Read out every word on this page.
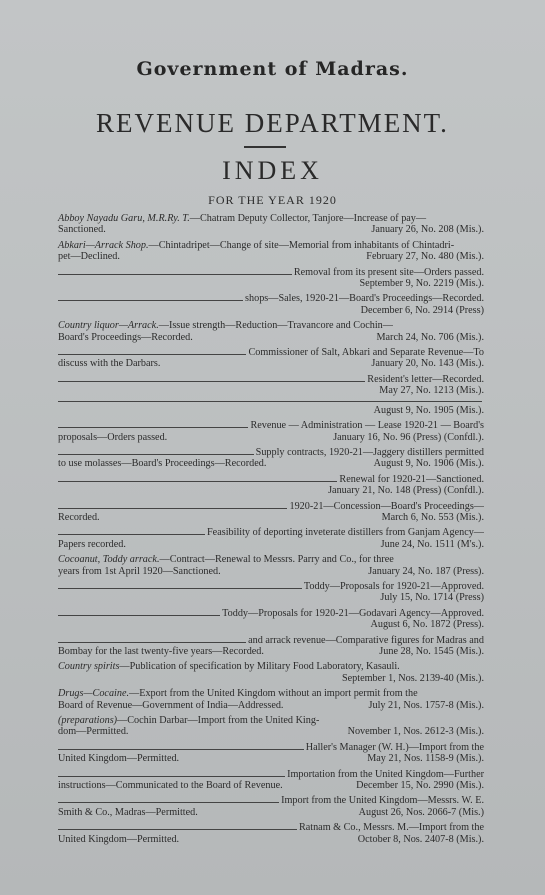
Government of Madras.
REVENUE DEPARTMENT.
INDEX
FOR THE YEAR 1920
Abboy Nayadu Garu, M.R.Ry. T. —Chatram Deputy Collector, Tanjore—Increase of pay—
Sanctioned.	January 26, No. 208 (Mis.).
Abkari—Arrack Shop. —Chintadripet—Change of site—Memorial from inhabitants of Chintadri-
pet—Declined.	February 27, No. 480 (Mis.).
Removal from its present site—Orders passed.
September 9, No. 2219 (Mis.).
shops—Sales, 1920-21—Board's Proceedings—Recorded.
December 6, No. 2914 (Press)
Country liquor—Arrack. —Issue strength—Reduction—Travancore and Cochin—
Board's Proceedings—Recorded.	March 24, No. 706 (Mis.).
Commissioner of Salt, Abkari and Separate Revenue—To
discuss with the Darbars.	January 20, No. 143 (Mis.).
Resident's letter—Recorded.
May 27, No. 1213 (Mis.).
August 9, No. 1905 (Mis.).
Revenue — Administration — Lease 1920-21 — Board's
proposals—Orders passed.	January 16, No. 96 (Press) (Confdl.).
Supply contracts, 1920-21—Jaggery distillers permitted
to use molasses—Board's Proceedings—Recorded.	August 9, No. 1906 (Mis.).
Renewal for 1920-21—Sanctioned.
January 21, No. 148 (Press) (Confdl.).
1920-21—Concession—Board's Proceedings—
Recorded.	March 6, No. 553 (Mis.).
Feasibility of deporting inveterate distillers from Ganjam Agency—
Papers recorded.	June 24, No. 1511 (M's.).
Cocoanut, Toddy arrack. —Contract—Renewal to Messrs. Parry and Co., for three
years from 1st April 1920—Sanctioned.	January 24, No. 187 (Press).
Toddy—Proposals for 1920-21—Approved.
July 15, No. 1714 (Press)
Toddy—Proposals for 1920-21—Godavari Agency—Approved.
August 6, No. 1872 (Press).
and arrack revenue—Comparative figures for Madras and
Bombay for the last twenty-five years—Recorded.	June 28, No. 1545 (Mis.).
Country spirits —Publication of specification by Military Food Laboratory, Kasauli.
September 1, Nos. 2139-40 (Mis.).
Drugs—Cocaine. —Export from the United Kingdom without an import permit from the
Board of Revenue—Government of India—Addressed.	July 21, Nos. 1757-8 (Mis.).
(preparations) —Cochin Darbar—Import from the United King-
dom—Permitted.	November 1, Nos. 2612-3 (Mis.).
Haller's Manager (W. H.)—Import from the
United Kingdom—Permitted.	May 21, Nos. 1158-9 (Mis.).
Importation from the United Kingdom—Further
instructions—Communicated to the Board of Revenue.	December 15, No. 2990 (Mis.).
Import from the United Kingdom—Messrs. W. E.
Smith & Co., Madras—Permitted.	August 26, Nos. 2066-7 (Mis.)
Ratnam & Co., Messrs. M.—Import from the
United Kingdom—Permitted.	October 8, Nos. 2407-8 (Mis.).
